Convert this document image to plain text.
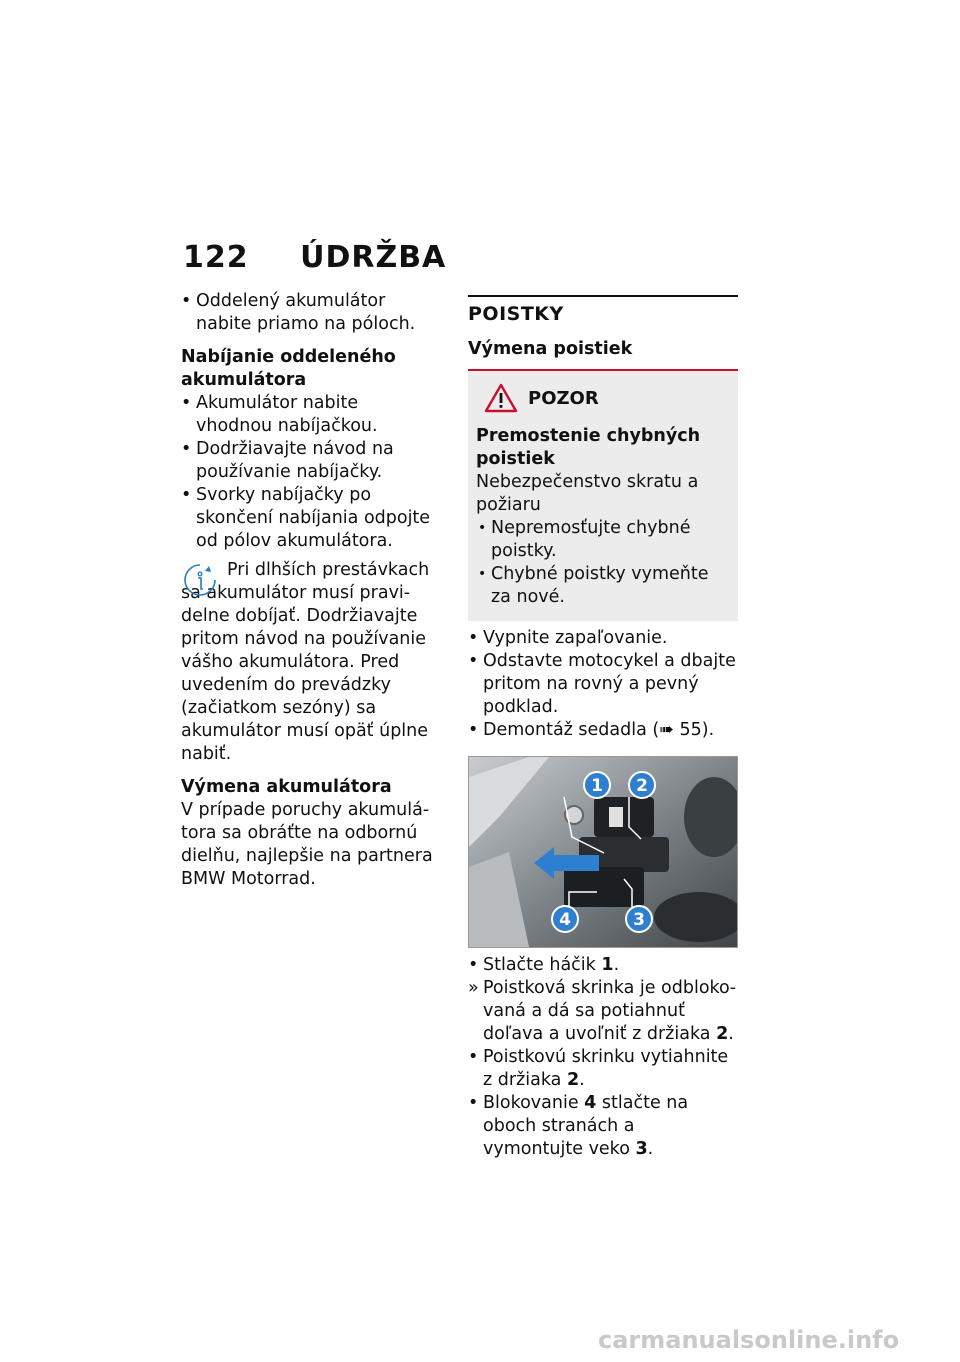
122 ÚDRŽBA
• Oddelený akumulátor nabite priamo na póloch.
Nabíjanie oddeleného akumulátora
• Akumulátor nabite vhodnou nabíjačkou.
• Dodržiavajte návod na používanie nabíjačky.
• Svorky nabíjačky po skončení nabíjania odpojte od pólov akumulátora.
Pri dlhších prestávkach sa akumulátor musí pravidelne dobíjať. Dodržiavajte pritom návod na používanie vášho akumulátora. Pred uvedením do prevádzky (začiatkom sezóny) sa akumulátor musí opäť úplne nabiť.
Výmena akumulátora
V prípade poruchy akumulátora sa obráťte na odbornú dielňu, najlepšie na partnera BMW Motorrad.
POISTKY
Výmena poistiek
POZOR
Premostenie chybných poistiek
Nebezpečenstvo skratu a požiaru
• Nepremosťujte chybné poistky.
• Chybné poistky vymeňte za nové.
• Vypnite zapaľovanie.
• Odstavte motocykel a dbajte pritom na rovný a pevný podklad.
• Demontáž sedadla (➠ 55).
1 2
3
4
• Stlačte háčik 1.
» Poistková skrinka je odblokovaná a dá sa potiahnuť doľava a uvoľniť z držiaka 2.
• Poistkovú skrinku vytiahnite z držiaka 2.
• Blokovanie 4 stlačte na oboch stranách a vymontujte veko 3.
carmanualsonline.info
